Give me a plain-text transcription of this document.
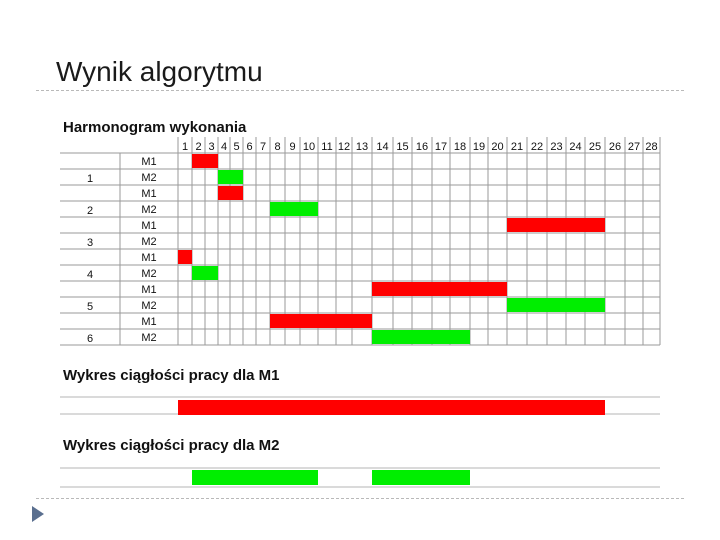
Wynik algorytmu
Harmonogram wykonania
1 2 3 4 5 6 7 8 9 10 11 12 13 14 15 16 17 18 19 20 21 22 23 24 25 26 27 28
1
M1
M2
2
M1
M2
3
M1
M2
4
M1
M2
5
M1
M2
6
M1
M2
Wykres ciągłości pracy dla M1
Wykres ciągłości pracy dla M2
